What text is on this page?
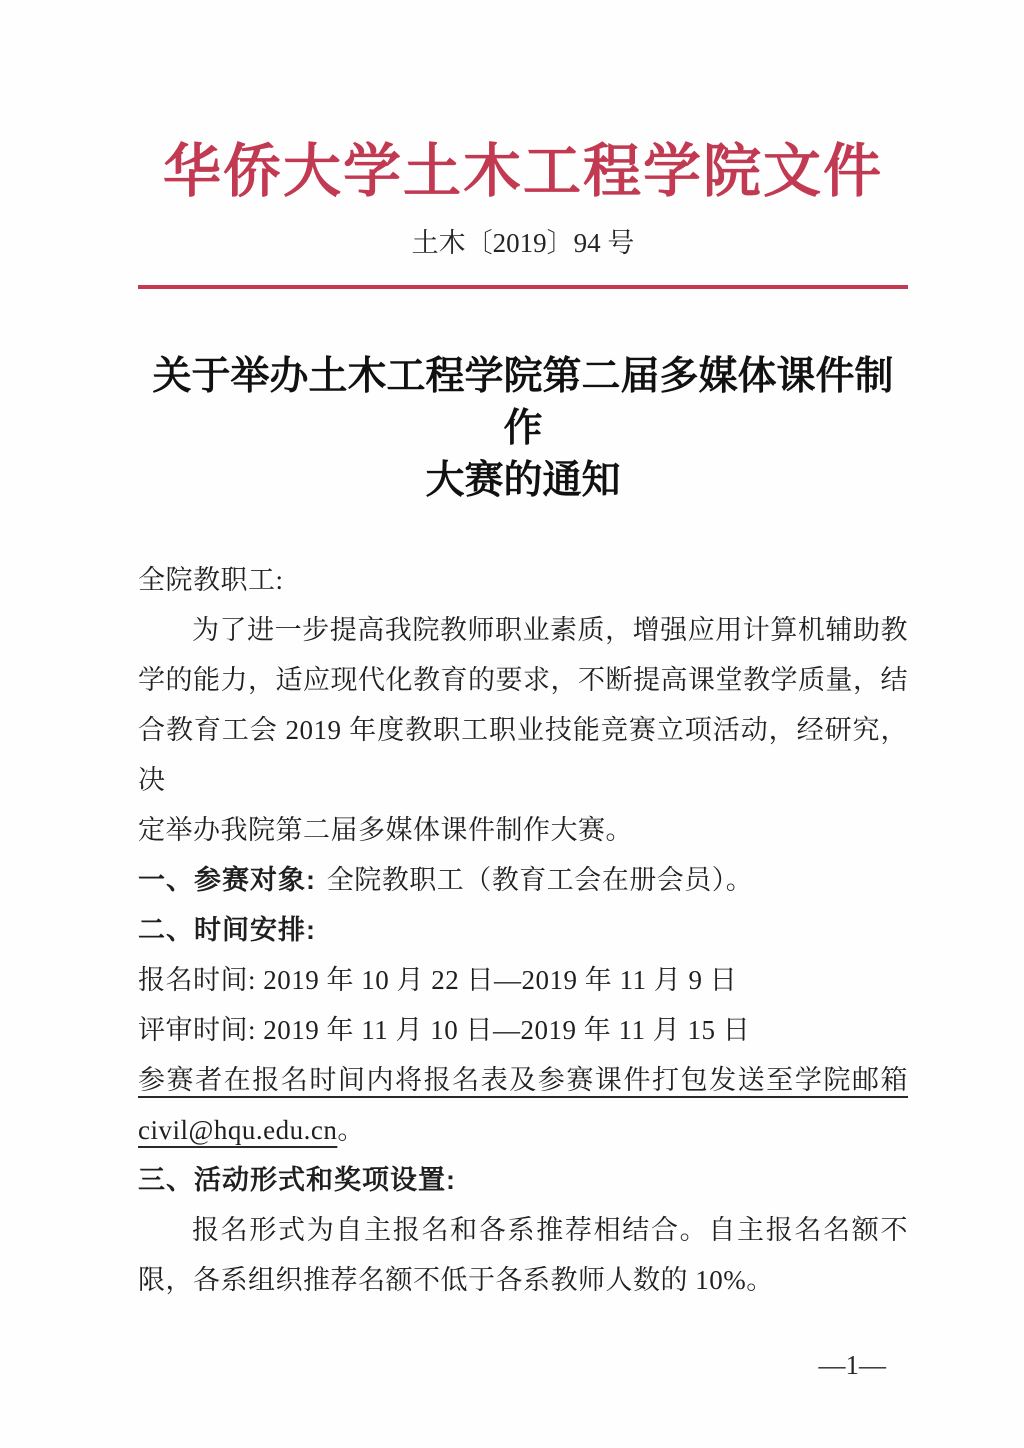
华侨大学土木工程学院文件
土木〔2019〕94 号
关于举办土木工程学院第二届多媒体课件制作
大赛的通知

全院教职工:

为了进一步提高我院教师职业素质，增强应用计算机辅助教

学的能力，适应现代化教育的要求，不断提高课堂教学质量，结

合教育工会 2019 年度教职工职业技能竞赛立项活动，经研究，决

定举办我院第二届多媒体课件制作大赛。

一、参赛对象: 全院教职工（教育工会在册会员）。

二、时间安排:

报名时间: 2019 年 10 月 22 日—2019 年 11 月 9 日

评审时间: 2019 年 11 月 10 日—2019 年 11 月 15 日

参赛者在报名时间内将报名表及参赛课件打包发送至学院邮箱

civil@hqu.edu.cn。

三、活动形式和奖项设置:

报名形式为自主报名和各系推荐相结合。自主报名名额不

限，各系组织推荐名额不低于各系教师人数的 10%。

—1—
